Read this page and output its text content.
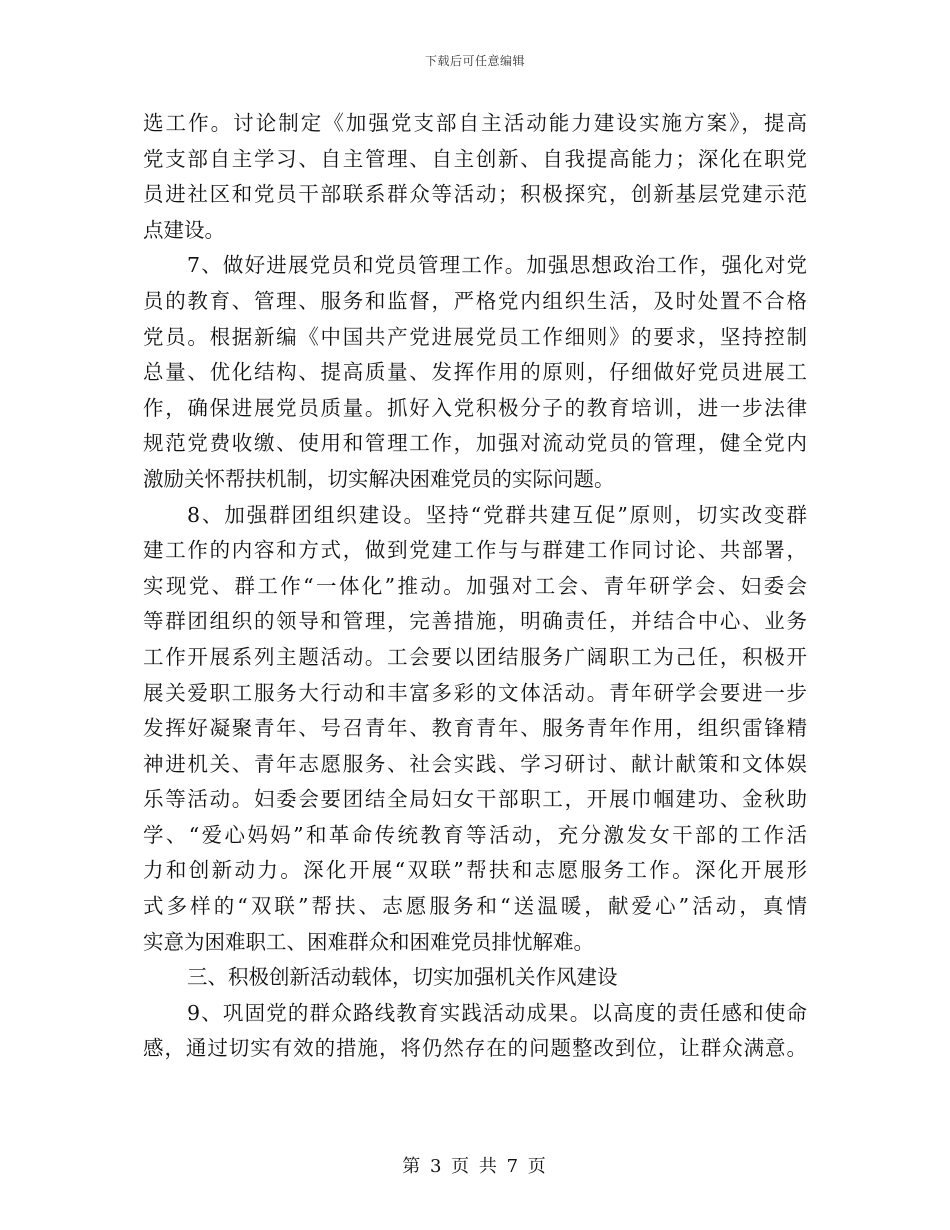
下载后可任意编辑
选工作。讨论制定《加强党支部自主活动能力建设实施方案》，提高
党支部自主学习、自主管理、自主创新、自我提高能力；深化在职党
员进社区和党员干部联系群众等活动；积极探究，创新基层党建示范
点建设。
7、做好进展党员和党员管理工作。加强思想政治工作，强化对党
员的教育、管理、服务和监督，严格党内组织生活，及时处置不合格
党员。根据新编《中国共产党进展党员工作细则》的要求，坚持控制
总量、优化结构、提高质量、发挥作用的原则，仔细做好党员进展工
作，确保进展党员质量。抓好入党积极分子的教育培训，进一步法律
规范党费收缴、使用和管理工作，加强对流动党员的管理，健全党内
激励关怀帮扶机制，切实解决困难党员的实际问题。
8、加强群团组织建设。坚持“党群共建互促”原则，切实改变群
建工作的内容和方式，做到党建工作与与群建工作同讨论、共部署，
实现党、群工作“一体化”推动。加强对工会、青年研学会、妇委会
等群团组织的领导和管理，完善措施，明确责任，并结合中心、业务
工作开展系列主题活动。工会要以团结服务广阔职工为己任，积极开
展关爱职工服务大行动和丰富多彩的文体活动。青年研学会要进一步
发挥好凝聚青年、号召青年、教育青年、服务青年作用，组织雷锋精
神进机关、青年志愿服务、社会实践、学习研讨、献计献策和文体娱
乐等活动。妇委会要团结全局妇女干部职工，开展巾帼建功、金秋助
学、“爱心妈妈”和革命传统教育等活动，充分激发女干部的工作活
力和创新动力。深化开展“双联”帮扶和志愿服务工作。深化开展形
式多样的“双联”帮扶、志愿服务和“送温暖，献爱心”活动，真情
实意为困难职工、困难群众和困难党员排忧解难。
三、积极创新活动载体，切实加强机关作风建设
9、巩固党的群众路线教育实践活动成果。以高度的责任感和使命
感，通过切实有效的措施，将仍然存在的问题整改到位，让群众满意。
第 3 页 共 7 页
